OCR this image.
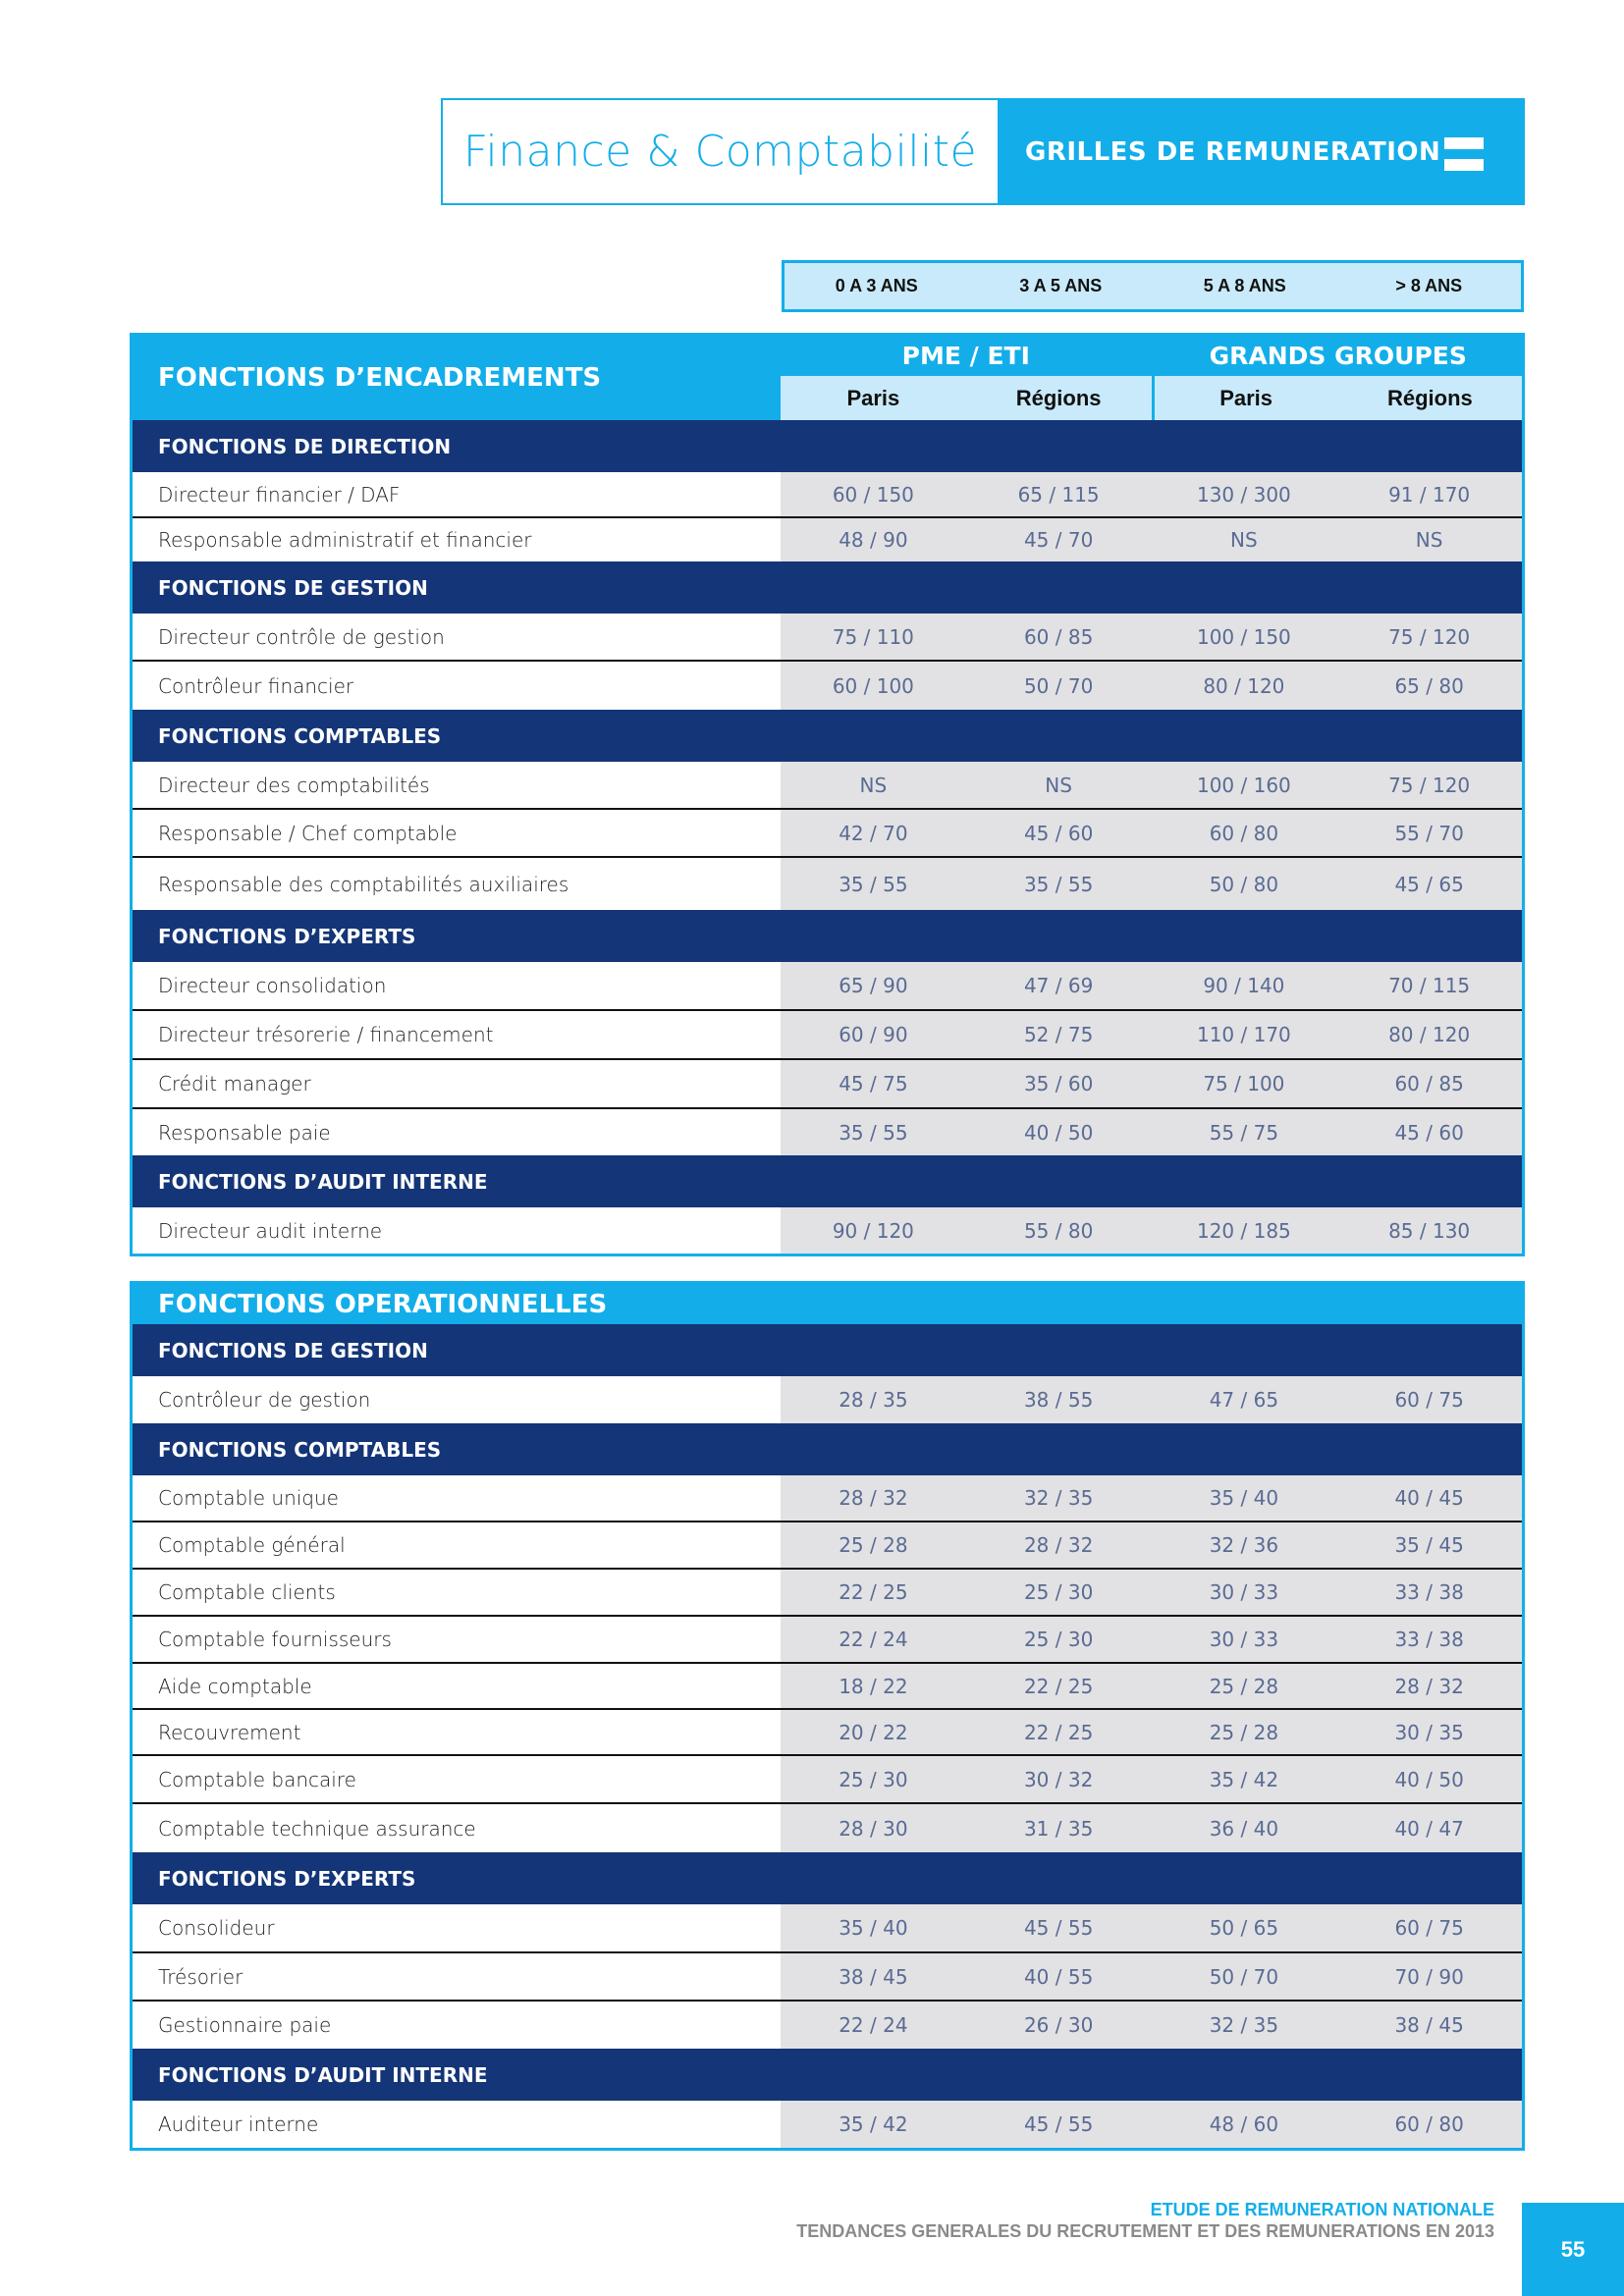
Finance & Comptabilité	GRILLES DE REMUNERATION
0 A 3 ANS	3 A 5 ANS	5 A 8 ANS	> 8 ANS
FONCTIONS D’ENCADREMENTS
PME / ETI
Paris	Régions
GRANDS GROUPES
Paris	Régions
FONCTIONS DE DIRECTION
Directeur financier / DAF	60 / 150	65 / 115	130 / 300	91 / 170
Responsable administratif et financier	48 / 90	45 / 70	NS	NS
FONCTIONS DE GESTION
Directeur contrôle de gestion	75 / 110	60 / 85	100 / 150	75 / 120
Contrôleur financier	60 / 100	50 / 70	80 / 120	65 / 80
FONCTIONS COMPTABLES
Directeur des comptabilités	NS	NS	100 / 160	75 / 120
Responsable / Chef comptable	42 / 70	45 / 60	60 / 80	55 / 70
Responsable des comptabilités auxiliaires	35 / 55	35 / 55	50 / 80	45 / 65
FONCTIONS D’EXPERTS
Directeur consolidation	65 / 90	47 / 69	90 / 140	70 / 115
Directeur trésorerie / financement	60 / 90	52 / 75	110 / 170	80 / 120
Crédit manager	45 / 75	35 / 60	75 / 100	60 / 85
Responsable paie	35 / 55	40 / 50	55 / 75	45 / 60
FONCTIONS D’AUDIT INTERNE
Directeur audit interne	90 / 120	55 / 80	120 / 185	85 / 130
FONCTIONS OPERATIONNELLES
FONCTIONS DE GESTION
Contrôleur de gestion	28 / 35	38 / 55	47 / 65	60 / 75
FONCTIONS COMPTABLES
Comptable unique	28 / 32	32 / 35	35 / 40	40 / 45
Comptable général	25 / 28	28 / 32	32 / 36	35 / 45
Comptable clients	22 / 25	25 / 30	30 / 33	33 / 38
Comptable fournisseurs	22 / 24	25 / 30	30 / 33	33 / 38
Aide comptable	18 / 22	22 / 25	25 / 28	28 / 32
Recouvrement	20 / 22	22 / 25	25 / 28	30 / 35
Comptable bancaire	25 / 30	30 / 32	35 / 42	40 / 50
Comptable technique assurance	28 / 30	31 / 35	36 / 40	40 / 47
FONCTIONS D’EXPERTS
Consolideur	35 / 40	45 / 55	50 / 65	60 / 75
Trésorier	38 / 45	40 / 55	50 / 70	70 / 90
Gestionnaire paie	22 / 24	26 / 30	32 / 35	38 / 45
FONCTIONS D’AUDIT INTERNE
Auditeur interne	35 / 42	45 / 55	48 / 60	60 / 80
ETUDE DE REMUNERATION NATIONALE
TENDANCES GENERALES DU RECRUTEMENT ET DES REMUNERATIONS EN 2013
55
